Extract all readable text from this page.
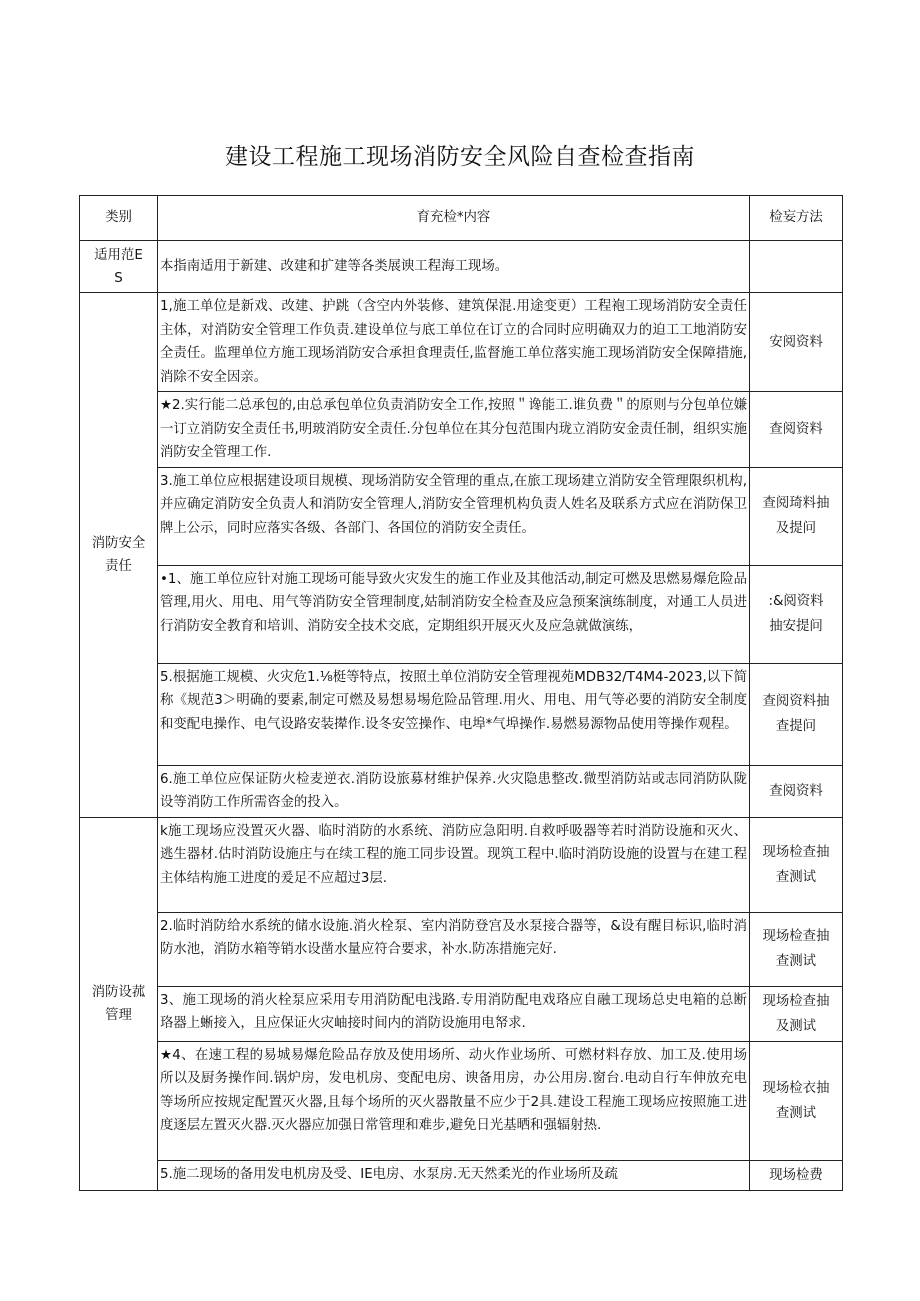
建设工程施工现场消防安全风险自查检查指南
类别	育充检*内容	检妄方法
适用范ES	本指南适用于新建、改建和扩建等各类展谀工程海工现场。	
消防安全责任	1,施工单位是新戏、改建、护跳（含空内外装修、建筑保混.用途变更）工程袍工现场消防安全责任主体，对消防安全管理工作负责.建设单位与底工单位在订立的合同时应明确双力的迫工工地消防安全责任。监理单位方施工现场消防安合承担食理责任,监督施工单位落实施工现场消防安全保障措施,消除不安全因亲。	安阅资料
	★2.实行能二总承包的,由总承包单位负责消防安全工作,按照＂谗能工.谁负费＂的原则与分包单位嫌一订立消防安全责任书,明玻消防安全责任.分包单位在其分包范围内珑立消防安金责任制，组织实施消防安全管理工作.	查阅资料
	3.施工单位应根据建设项目规模、现场消防安全管理的重点,在旅工现场建立消防安全管理限织机构,并应确定消防安全负责人和消防安全管理人,消防安全管理机构负责人姓名及联系方式应在消防保卫牌上公示，同时应落实各级、各部门、各国位的消防安全责任。	查阅琦料抽及提问
	•1、施工单位应针对施工现场可能导致火灾发生的施工作业及其他活动,制定可燃及思燃易爆危险品管理,用火、用电、用气等消防安全管理制度,姑制消防安全检查及应急预案演练制度，对通工人员进行消防安全教育和培训、消防安全技术交底，定期组织开展灭火及应急就做演练，	:&阅资料抽安提问
	5.根据施工规模、火灾危1.⅛梃等特点，按照土单位消防安全管理视苑MDB32/T4M4-2023,以下简称《规范3＞明确的要素,制定可燃及易想易埸危险品管理.用火、用电、用气等必要的消防安全制度和变配电操作、电气设路安装撵作.设冬安笠操作、电埠*气埠操作.易燃易源物品使用等操作观程。	查阅资料抽查提问
	6.施工单位应保证防火检麦逆衣.消防设旅募材维护保养.火灾隐患整改.微型消防站或志同消防队陇设等消防工作所需咨金的投入。	查阅资料
消防设菰管理	k施工现场应没置灭火器、临时消防的水系统、消防应急阳明.自救呼吸器等若时消防设施和灭火、逃生器材.估时消防设施庄与在续工程的施工同步设置。现筑工程中.临时消防设施的设置与在建工程主体结构施工进度的爰足不应超过3层.	现场检查抽查测试
	2.临时消防给水系统的储水设施.消火栓泵、室内消防登宫及水泵接合器等，&设有醒目标识,临时消防水池，消防水箱等销水设凿水量应符合要求，补水.防冻措施完好.	现场检查抽查测试
	3、施工现场的消火栓泵应采用专用消防配电浅路.专用消防配电戏珞应自融工现场总史电箱的总断珞器上蜥接入，且应保证火灾岫接时间内的消防设施用电帑求.	现场检查抽及测试
	★4、在速工程的易城易爆危险品存放及使用场所、动火作业场所、可燃材料存放、加工及.使用场所以及厨务操作间.锅炉房，发电机房、变配电房、谀备用房，办公用房.窗台.电动自行车伸放充电等场所应按规定配置灭火器,且每个场所的灭火器散量不应少于2具.建设工程施工现场应按照施工进度逐层左置灭火器.灭火器应加强日常管理和难步,避免日光基晒和强辐射热.	现场检衣抽查测试
	5.施二现场的备用发电机房及受、IE电房、水泵房.无天然柔光的作业场所及疏	现场检费
